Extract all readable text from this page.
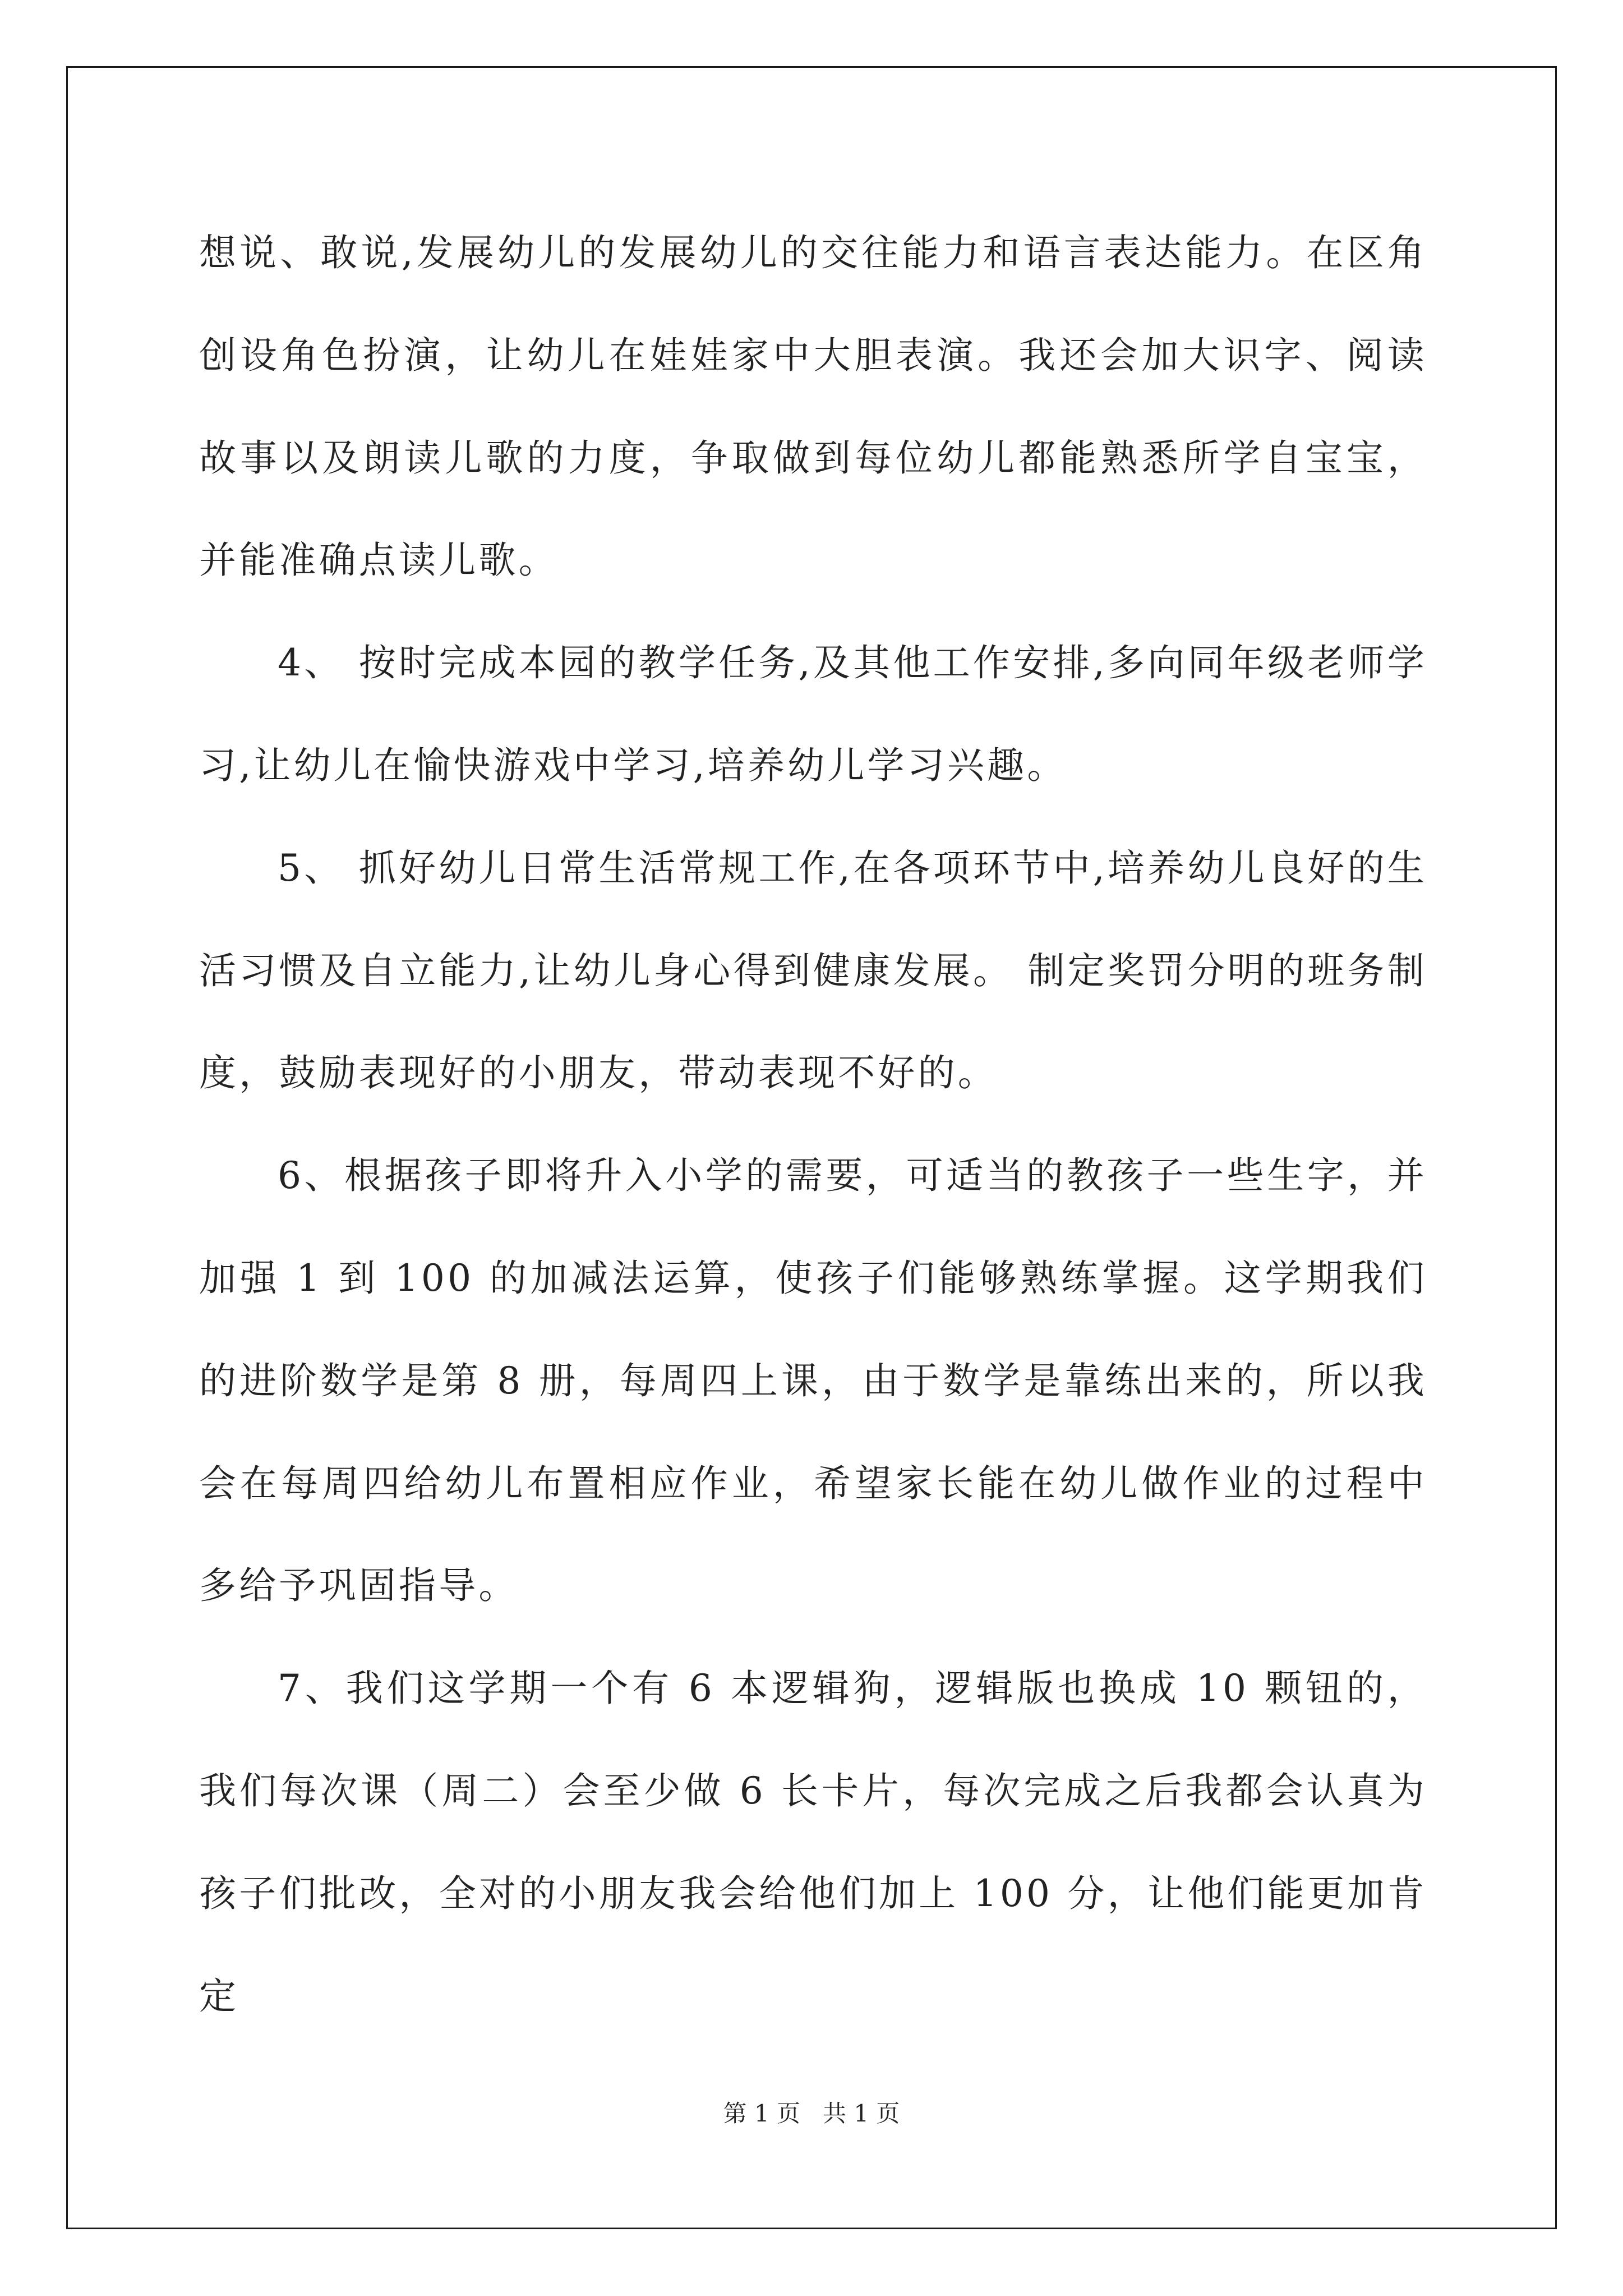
想说、敢说,发展幼儿的发展幼儿的交往能力和语言表达能力。在区角创设角色扮演，让幼儿在娃娃家中大胆表演。我还会加大识字、阅读故事以及朗读儿歌的力度，争取做到每位幼儿都能熟悉所学自宝宝，并能准确点读儿歌。

4、 按时完成本园的教学任务,及其他工作安排,多向同年级老师学习,让幼儿在愉快游戏中学习,培养幼儿学习兴趣。

5、 抓好幼儿日常生活常规工作,在各项环节中,培养幼儿良好的生活习惯及自立能力,让幼儿身心得到健康发展。 制定奖罚分明的班务制度，鼓励表现好的小朋友，带动表现不好的。

6、根据孩子即将升入小学的需要，可适当的教孩子一些生字，并加强 1 到 100 的加减法运算，使孩子们能够熟练掌握。这学期我们的进阶数学是第 8 册，每周四上课，由于数学是靠练出来的，所以我会在每周四给幼儿布置相应作业，希望家长能在幼儿做作业的过程中多给予巩固指导。

7、我们这学期一个有 6 本逻辑狗，逻辑版也换成 10 颗钮的，我们每次课（周二）会至少做 6 长卡片，每次完成之后我都会认真为孩子们批改，全对的小朋友我会给他们加上 100 分，让他们能更加肯定

第 1 页 共 1 页
